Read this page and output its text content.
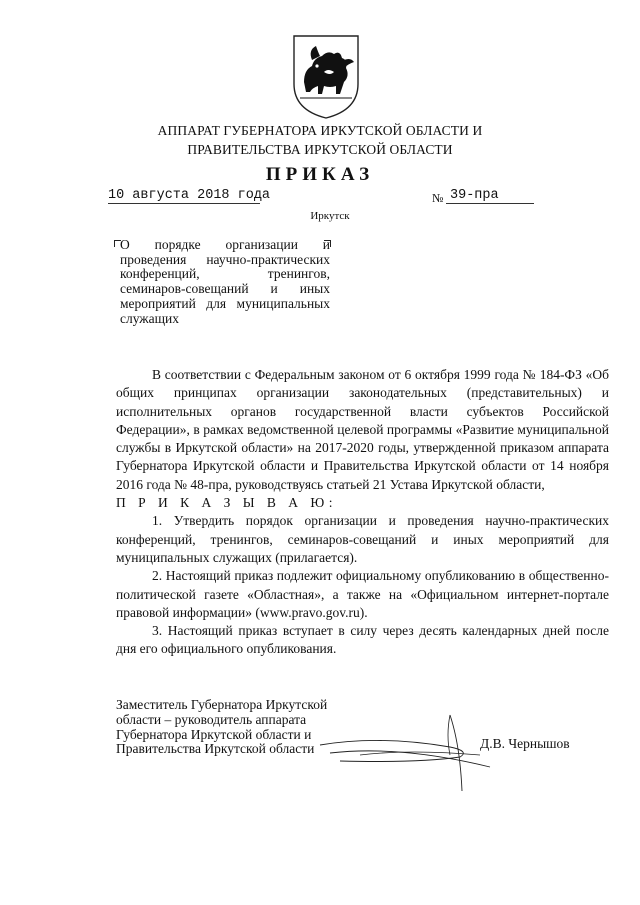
АППАРАТ ГУБЕРНАТОРА ИРКУТСКОЙ ОБЛАСТИ И
ПРАВИТЕЛЬСТВА ИРКУТСКОЙ ОБЛАСТИ
ПРИКАЗ
10 августа 2018 года	№ 39-пра
Иркутск
О порядке организации и проведения научно-практических конференций, тренингов, семинаров-совещаний и иных мероприятий для муниципальных служащих

В соответствии с Федеральным законом от 6 октября 1999 года № 184-ФЗ «Об общих принципах организации законодательных (представительных) и исполнительных органов государственной власти субъектов Российской Федерации», в рамках ведомственной целевой программы «Развитие муниципальной службы в Иркутской области» на 2017-2020 годы, утвержденной приказом аппарата Губернатора Иркутской области и Правительства Иркутской области от 14 ноября 2016 года № 48-пра, руководствуясь статьей 21 Устава Иркутской области,

П Р И К А З Ы В А Ю:

1. Утвердить порядок организации и проведения научно-практических конференций, тренингов, семинаров-совещаний и иных мероприятий для муниципальных служащих (прилагается).

2. Настоящий приказ подлежит официальному опубликованию в общественно-политической газете «Областная», а также на «Официальном интернет-портале правовой информации» (www.pravo.gov.ru).

3. Настоящий приказ вступает в силу через десять календарных дней после дня его официального опубликования.

Заместитель Губернатора Иркутской
области – руководитель аппарата
Губернатора Иркутской области и
Правительства Иркутской области	Д.В. Чернышов
